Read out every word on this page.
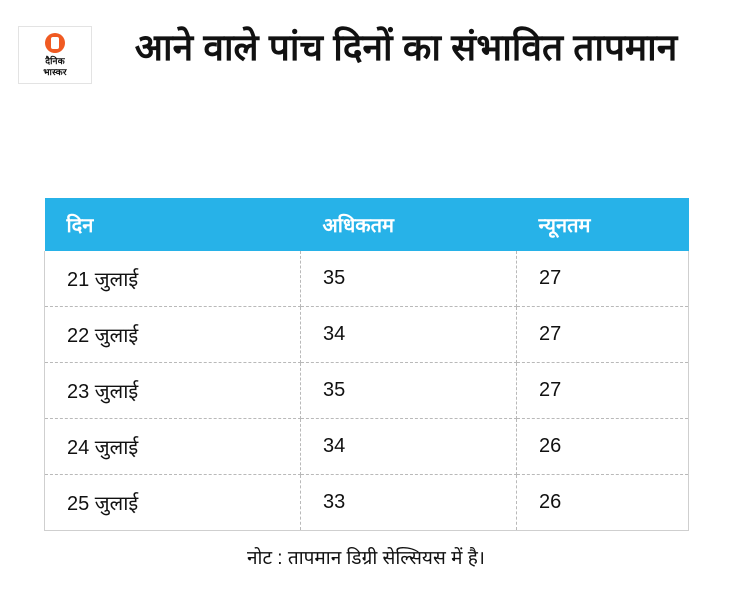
दैनिक
भास्कर
आने वाले पांच दिनों का संभावित तापमान
दिन	अधिकतम	न्यूनतम
21 जुलाई	35	27
22 जुलाई	34	27
23 जुलाई	35	27
24 जुलाई	34	26
25 जुलाई	33	26
नोट : तापमान डिग्री सेल्सियस में है।
